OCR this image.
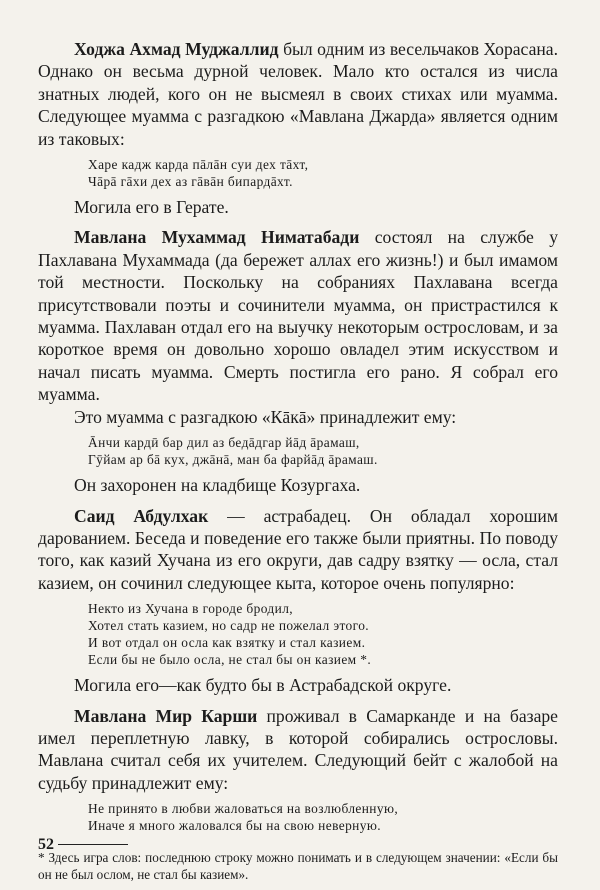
Ходжа Ахмад Муджаллид был одним из весельчаков Хорасана. Однако он весьма дурной человек. Мало кто остался из числа знатных людей, кого он не высмеял в своих стихах или муамма. Следующее муамма с разгадкою «Мавлана Джарда» является одним из таковых:

Харе кадж карда пāлāн суи дех тāхт,
Чāрā гāхи дех аз гāвāн бипардāхт.

Могила его в Герате.

Мавлана Мухаммад Ниматабади состоял на службе у Пахлавана Мухаммада (да бережет аллах его жизнь!) и был имамом той местности. Поскольку на собраниях Пахлавана всегда присутствовали поэты и сочинители муамма, он пристрастился к муамма. Пахлаван отдал его на выучку некоторым острословам, и за короткое время он довольно хорошо овладел этим искусством и начал писать муамма. Смерть постигла его рано. Я собрал его муамма.

Это муамма с разгадкою «Кāкā» принадлежит ему:

Āнчи кардӣ бар дил аз бедāдгар йāд āрамаш,
Гӯйам ар бā кух, джāнā, ман ба фарйāд āрамаш.

Он захоронен на кладбище Козургаха.

Саид Абдулхак — астрабадец. Он обладал хорошим дарованием. Беседа и поведение его также были приятны. По поводу того, как казий Хучана из его округи, дав садру взятку — осла, стал казием, он сочинил следующее кыта, которое очень популярно:

Некто из Хучана в городе бродил,
Хотел стать казием, но садр не пожелал этого.
И вот отдал он осла как взятку и стал казием.
Если бы не было осла, не стал бы он казием *.

Могила его—как будто бы в Астрабадской округе.

Мавлана Мир Карши проживал в Самарканде и на базаре имел переплетную лавку, в которой собирались острословы. Мавлана считал себя их учителем. Следующий бейт с жалобой на судьбу принадлежит ему:

Не принято в любви жаловаться на возлюбленную,
Иначе я много жаловался бы на свою неверную.

* Здесь игра слов: последнюю строку можно понимать и в следующем значении: «Если бы он не был ослом, не стал бы казием».

52
